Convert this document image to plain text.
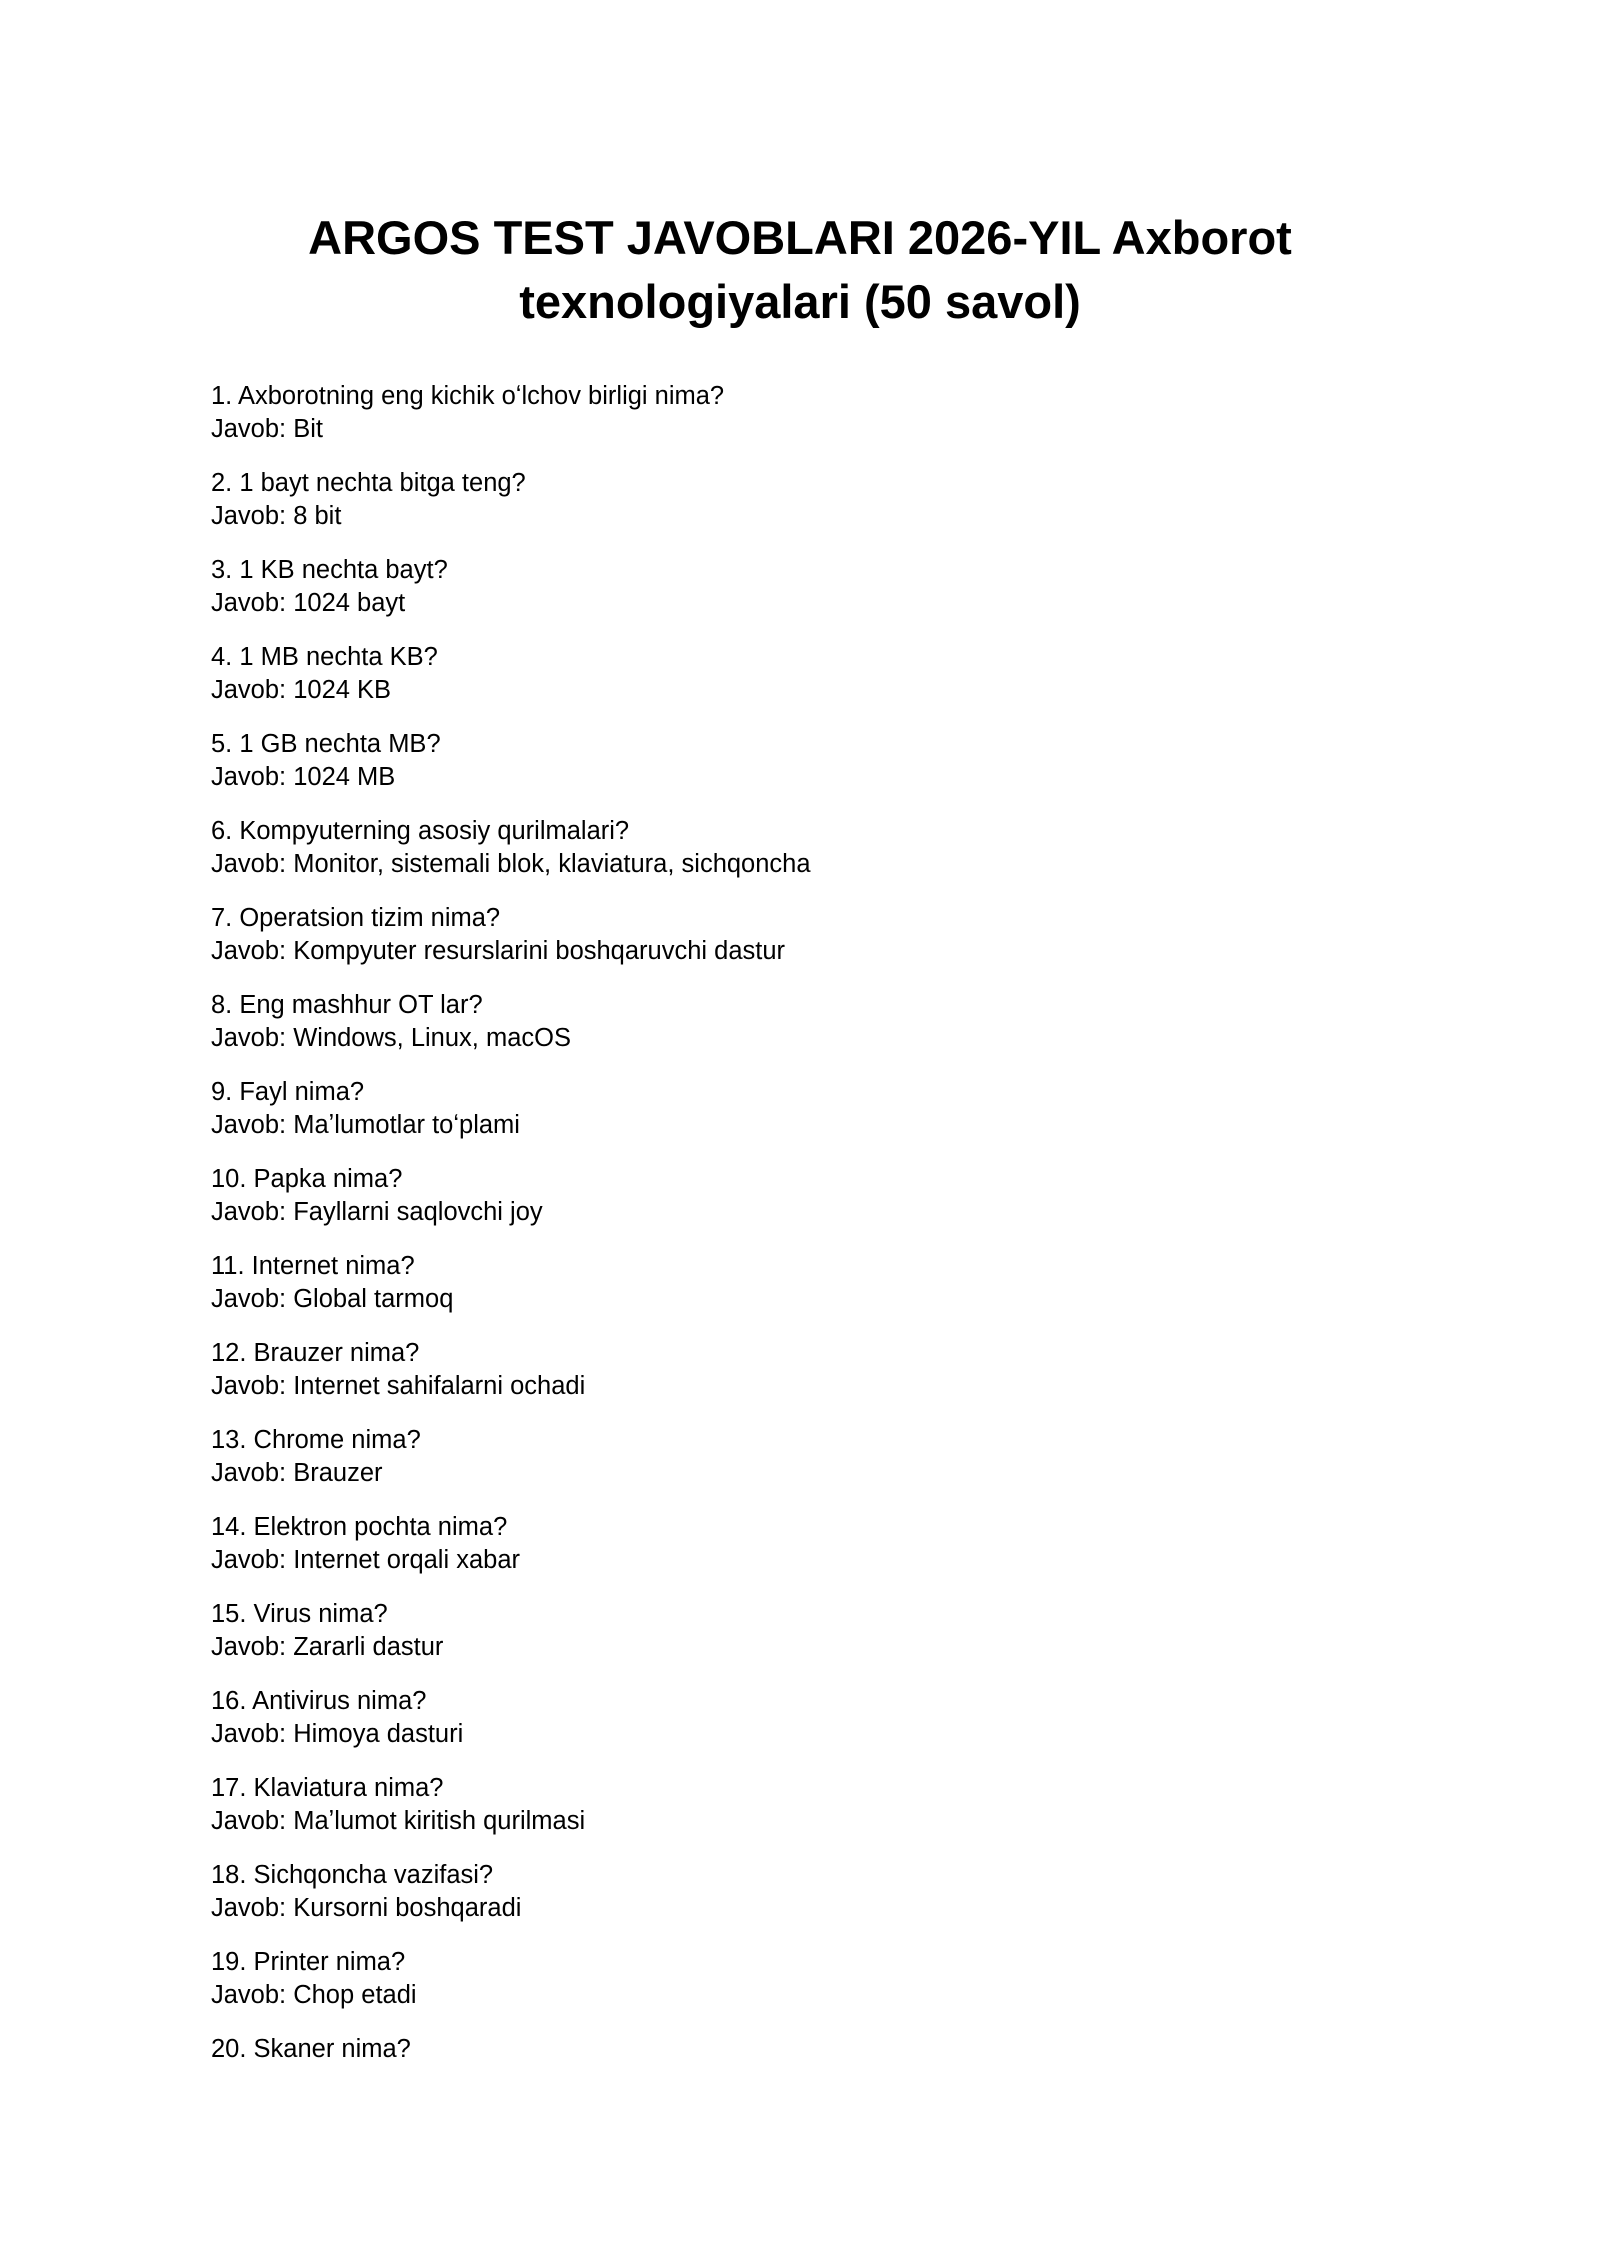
ARGOS TEST JAVOBLARI 2026-YIL Axborot
texnologiyalari (50 savol)
1. Axborotning eng kichik oʻlchov birligi nima?
Javob: Bit
2. 1 bayt nechta bitga teng?
Javob: 8 bit
3. 1 KB nechta bayt?
Javob: 1024 bayt
4. 1 MB nechta KB?
Javob: 1024 KB
5. 1 GB nechta MB?
Javob: 1024 MB
6. Kompyuterning asosiy qurilmalari?
Javob: Monitor, sistemali blok, klaviatura, sichqoncha
7. Operatsion tizim nima?
Javob: Kompyuter resurslarini boshqaruvchi dastur
8. Eng mashhur OT lar?
Javob: Windows, Linux, macOS
9. Fayl nima?
Javob: Maʼlumotlar toʻplami
10. Papka nima?
Javob: Fayllarni saqlovchi joy
11. Internet nima?
Javob: Global tarmoq
12. Brauzer nima?
Javob: Internet sahifalarni ochadi
13. Chrome nima?
Javob: Brauzer
14. Elektron pochta nima?
Javob: Internet orqali xabar
15. Virus nima?
Javob: Zararli dastur
16. Antivirus nima?
Javob: Himoya dasturi
17. Klaviatura nima?
Javob: Maʼlumot kiritish qurilmasi
18. Sichqoncha vazifasi?
Javob: Kursorni boshqaradi
19. Printer nima?
Javob: Chop etadi
20. Skaner nima?
